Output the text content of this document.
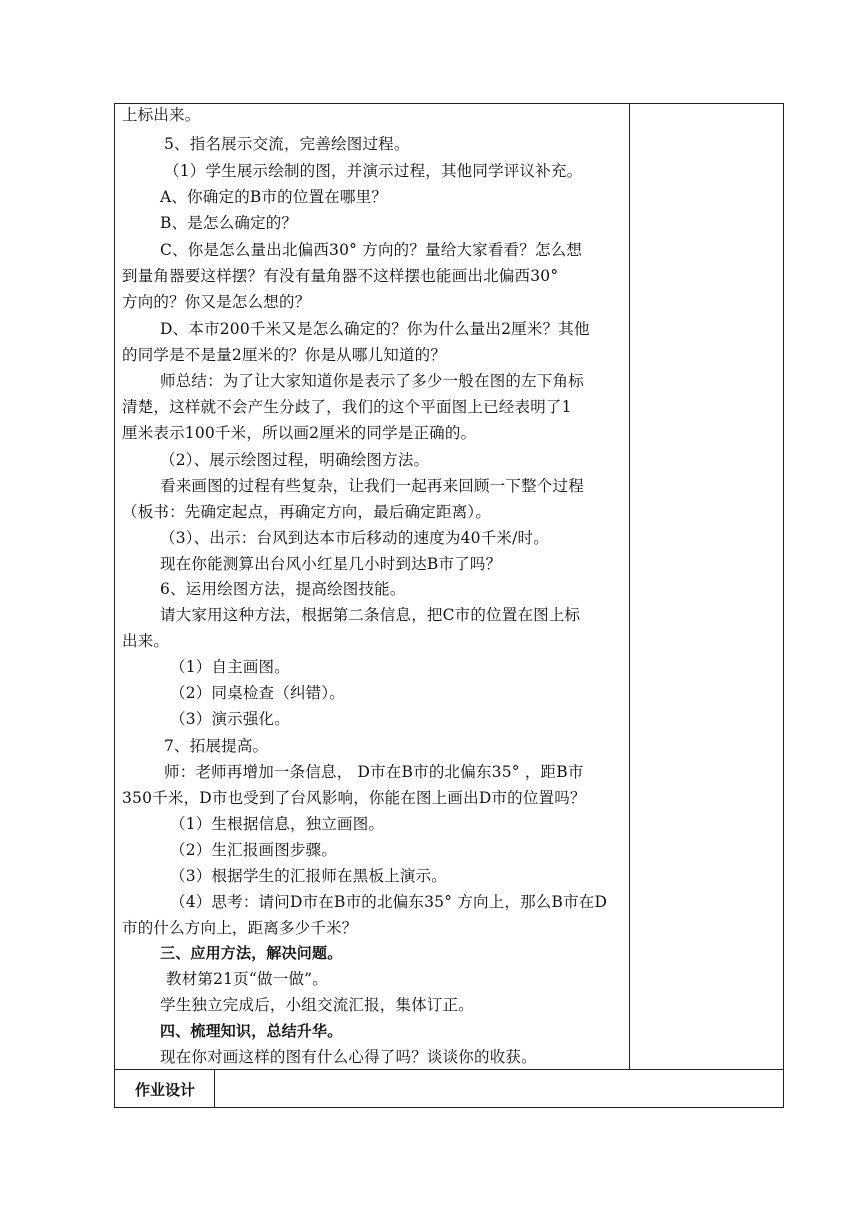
上标出来。
5、指名展示交流，完善绘图过程。
（1）学生展示绘制的图，并演示过程，其他同学评议补充。
A、你确定的B市的位置在哪里？
B、是怎么确定的？
C、你是怎么量出北偏西30° 方向的？量给大家看看？怎么想
到量角器要这样摆？有没有量角器不这样摆也能画出北偏西30°
方向的？你又是怎么想的？
D、本市200千米又是怎么确定的？你为什么量出2厘米？其他
的同学是不是量2厘米的？你是从哪儿知道的？
师总结：为了让大家知道你是表示了多少一般在图的左下角标
清楚，这样就不会产生分歧了，我们的这个平面图上已经表明了1
厘米表示100千米，所以画2厘米的同学是正确的。
（2）、展示绘图过程，明确绘图方法。
看来画图的过程有些复杂，让我们一起再来回顾一下整个过程
（板书：先确定起点，再确定方向，最后确定距离）。
（3）、出示：台风到达本市后移动的速度为40千米/时。
现在你能测算出台风小红星几小时到达B市了吗？
6、运用绘图方法，提高绘图技能。
请大家用这种方法，根据第二条信息，把C市的位置在图上标
出来。
（1）自主画图。
（2）同桌检查（纠错）。
（3）演示强化。
7、拓展提高。
师：老师再增加一条信息， D市在B市的北偏东35° ，距B市
350千米，D市也受到了台风影响，你能在图上画出D市的位置吗？
（1）生根据信息，独立画图。
（2）生汇报画图步骤。
（3）根据学生的汇报师在黑板上演示。
（4）思考：请问D市在B市的北偏东35° 方向上，那么B市在D
市的什么方向上，距离多少千米？
三、应用方法，解决问题。
教材第21页“做一做”。
学生独立完成后，小组交流汇报，集体订正。
四、梳理知识，总结升华。
现在你对画这样的图有什么心得了吗？谈谈你的收获。
作业设计
